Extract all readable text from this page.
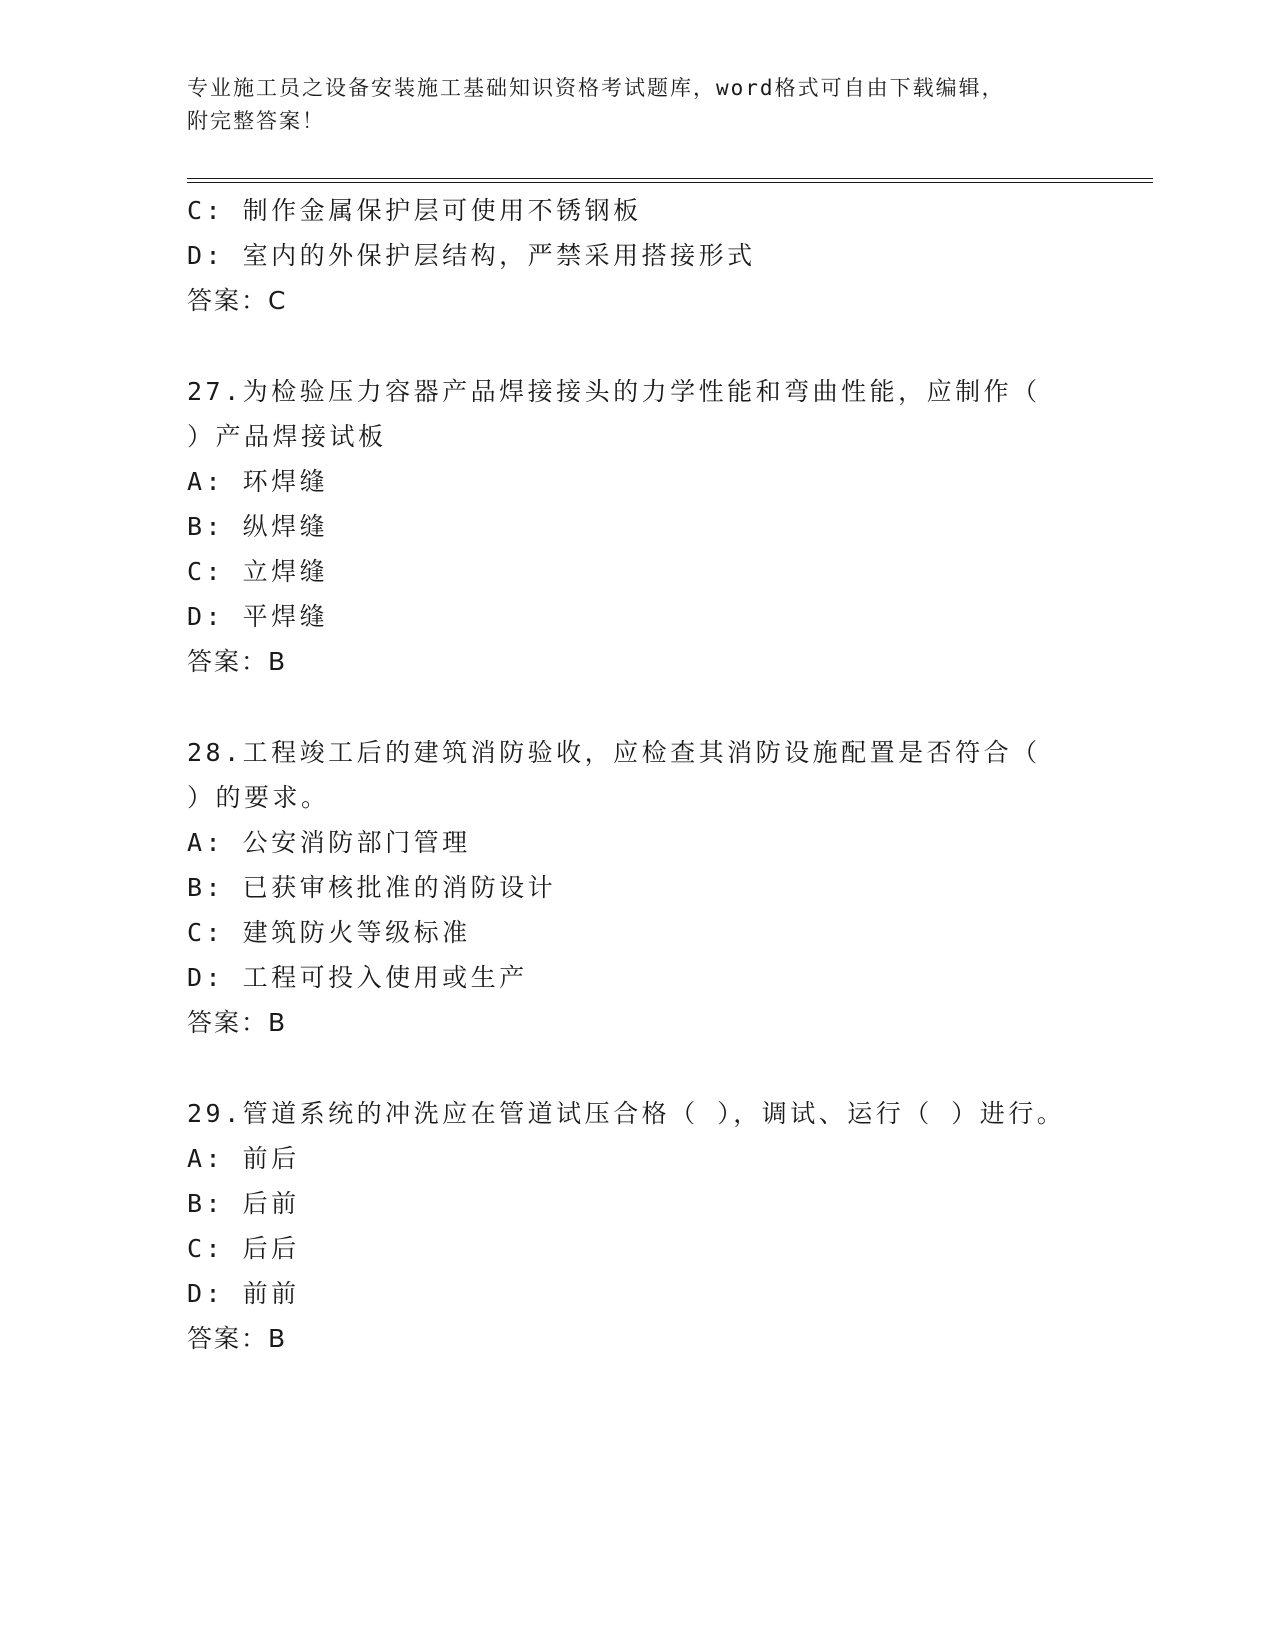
专业施工员之设备安装施工基础知识资格考试题库，word格式可自由下载编辑，
附完整答案！
C: 制作金属保护层可使用不锈钢板
D: 室内的外保护层结构，严禁采用搭接形式
答案：C
27.为检验压力容器产品焊接接头的力学性能和弯曲性能，应制作（
）产品焊接试板
A: 环焊缝
B: 纵焊缝
C: 立焊缝
D: 平焊缝
答案：B
28.工程竣工后的建筑消防验收，应检查其消防设施配置是否符合（
）的要求。
A: 公安消防部门管理
B: 已获审核批准的消防设计
C: 建筑防火等级标准
D: 工程可投入使用或生产
答案：B
29.管道系统的冲洗应在管道试压合格（ ），调试、运行（ ）进行。
A: 前后
B: 后前
C: 后后
D: 前前
答案：B
